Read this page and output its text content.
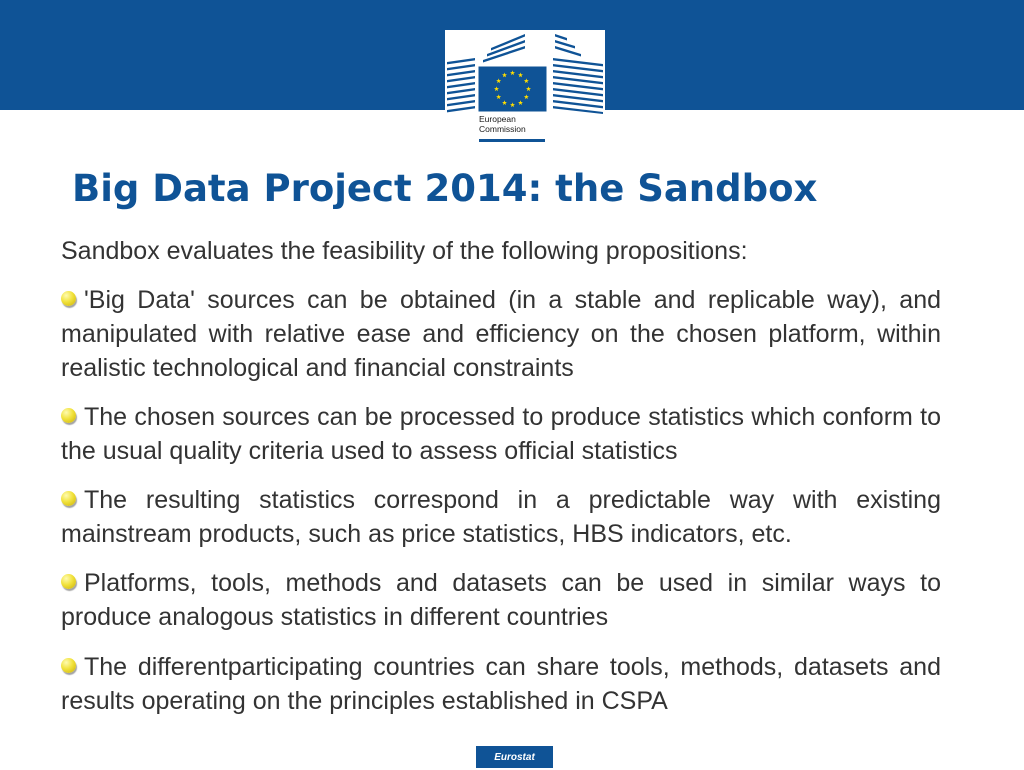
European
Commission
Big Data Project 2014: the Sandbox

Sandbox evaluates the feasibility of the following propositions:

'Big Data' sources can be obtained (in a stable and replicable way), and manipulated with relative ease and efficiency on the chosen platform, within realistic technological and financial constraints

The chosen sources can be processed to produce statistics which conform to the usual quality criteria used to assess official statistics

The resulting statistics correspond in a predictable way with existing mainstream products, such as price statistics, HBS indicators, etc.

Platforms, tools, methods and datasets can be used in similar ways to produce analogous statistics in different countries

The differentparticipating countries can share tools, methods, datasets and results operating on the principles established in CSPA

Eurostat
